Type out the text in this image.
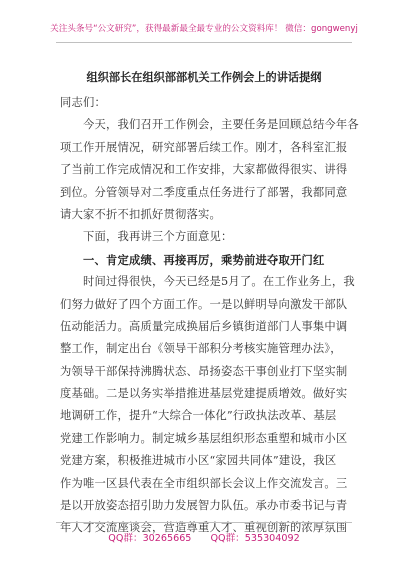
关注头条号“公文研究”，获得最新最全最专业的公文资料库！ 微信：gongwenyj
组织部长在组织部部机关工作例会上的讲话提纲
同志们：
今天，我们召开工作例会，主要任务是回顾总结今年各
项工作开展情况，研究部署后续工作。刚才，各科室汇报
了当前工作完成情况和工作安排，大家都做得很实、讲得
到位。分管领导对二季度重点任务进行了部署，我都同意
请大家不折不扣抓好贯彻落实。
下面，我再讲三个方面意见：
一、肯定成绩、再接再厉，乘势前进夺取开门红
时间过得很快，今天已经是5月了。在工作业务上，我
们努力做好了四个方面工作。一是以鲜明导向激发干部队
伍动能活力。高质量完成换届后乡镇街道部门人事集中调
整工作，制定出台《领导干部积分考核实施管理办法》，
为领导干部保持沸腾状态、昂扬姿态干事创业打下坚实制
度基础。二是以务实举措推进基层党建提质增效。做好实
地调研工作，提升“大综合一体化”行政执法改革、基层
党建工作影响力。制定城乡基层组织形态重塑和城市小区
党建方案，积极推进城市小区“家园共同体”建设，我区
作为唯一区县代表在全市组织部长会议上作交流发言。三
是以开放姿态招引助力发展智力队伍。承办市委书记与青
年人才交流座谈会，营造尊重人才、重视创新的浓厚氛围
QQ群：30265665 QQ群：535304092
